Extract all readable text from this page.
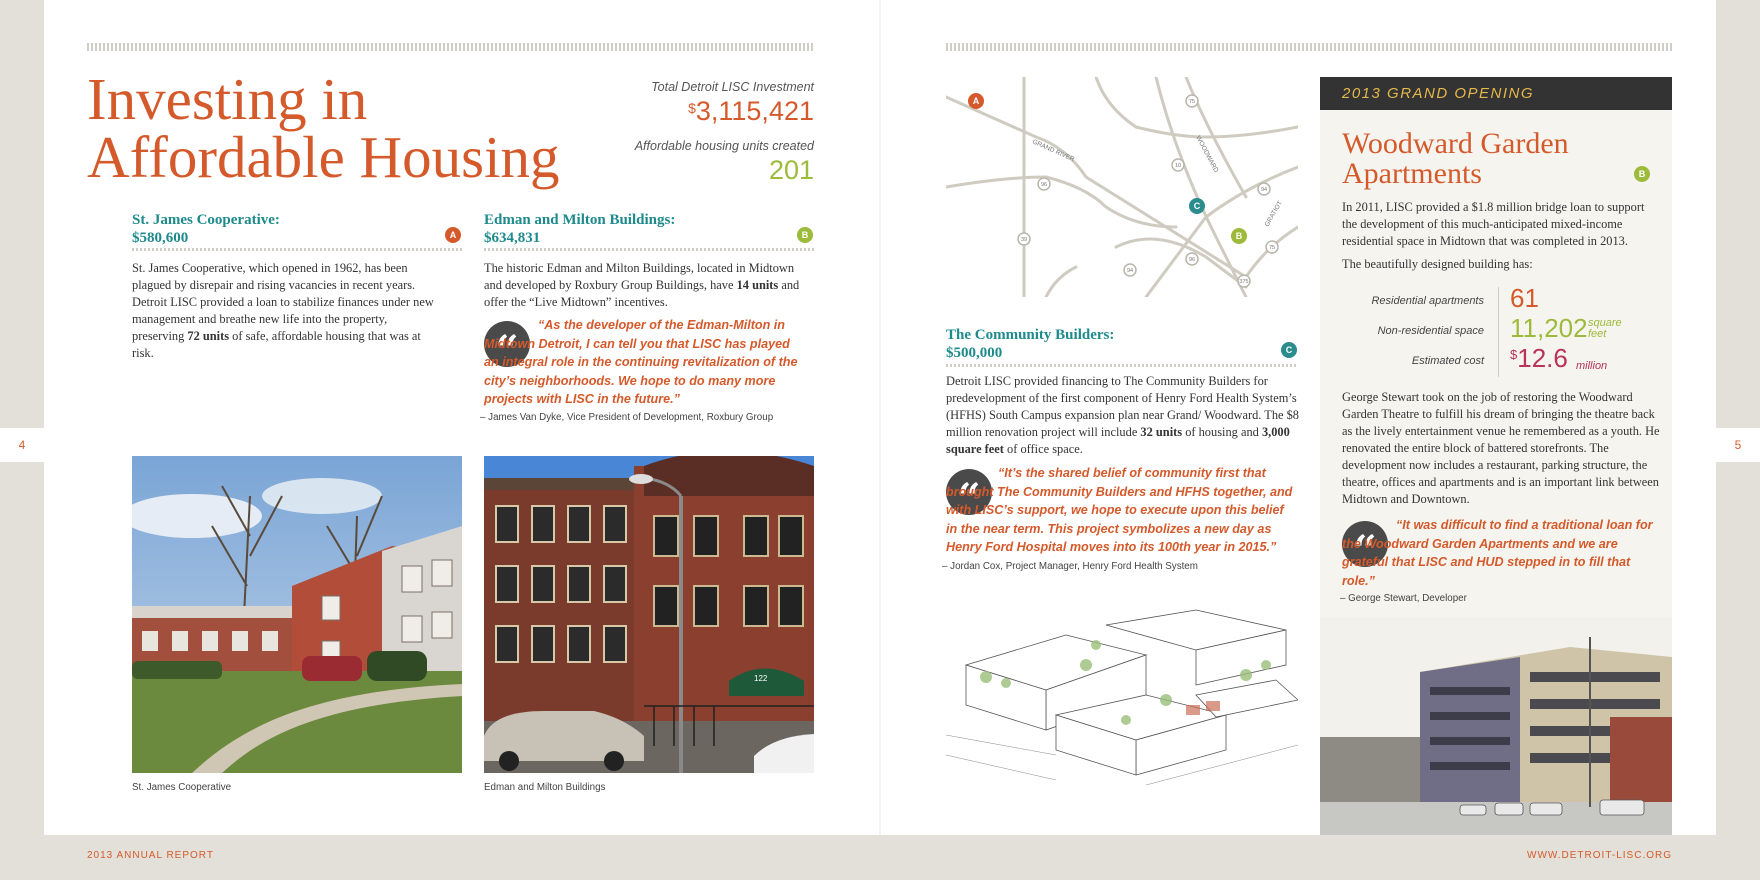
4	5
2013 ANNUAL REPORT	WWW.DETROIT-LISC.ORG
Investing in
Affordable Housing
Total Detroit LISC Investment
$3,115,421
Affordable housing units created
201
St. James Cooperative:
$580,600	A
St. James Cooperative, which opened in 1962, has been plagued by disrepair and rising vacancies in recent years. Detroit LISC provided a loan to stabilize finances under new management and breathe new life into the property, preserving 72 units of safe, affordable housing that was at risk.
Edman and Milton Buildings:
$634,831	B
The historic Edman and Milton Buildings, located in Midtown and developed by Roxbury Group Buildings, have 14 units and offer the “Live Midtown” incentives.
“
“As the developer of the Edman-Milton in Midtown Detroit, I can tell you that LISC has played an integral role in the continuing revitalization of the city’s neighborhoods. We hope to do many more projects with LISC in the future.”
– James Van Dyke, Vice President of Development, Roxbury Group
St. James Cooperative
122
Edman and Milton Buildings
75
10
94
96
39
94
96
75
375
GRAND RIVER	WOODWARD
GRATIOT
A
B
C
The Community Builders:
$500,000	C
Detroit LISC provided financing to The Community Builders for predevelopment of the first component of Henry Ford Health System’s (HFHS) South Campus expansion plan near Grand/ Woodward. The $8 million renovation project will include 32 units of housing and 3,000 square feet of office space.
“
“It’s the shared belief of community first that brought The Community Builders and HFHS together, and with LISC’s support, we hope to execute upon this belief in the near term. This project symbolizes a new day as Henry Ford Hospital moves into its 100th year in 2015.”
– Jordan Cox, Project Manager, Henry Ford Health System
2013 GRAND OPENING
Woodward Garden
Apartments	B
In 2011, LISC provided a $1.8 million bridge loan to support the development of this much-anticipated mixed-income residential space in Midtown that was completed in 2013.
The beautifully designed building has:
Residential apartments 61
Non-residential space 11,202 square
feet
Estimated cost $12.6 million
George Stewart took on the job of restoring the Woodward Garden Theatre to fulfill his dream of bringing the theatre back as the lively entertainment venue he remembered as a youth. He renovated the entire block of battered storefronts. The development now includes a restaurant, parking structure, the theatre, offices and apartments and is an important link between Midtown and Downtown.
“
“It was difficult to find a traditional loan for the Woodward Garden Apartments and we are grateful that LISC and HUD stepped in to fill that role.”
– George Stewart, Developer
